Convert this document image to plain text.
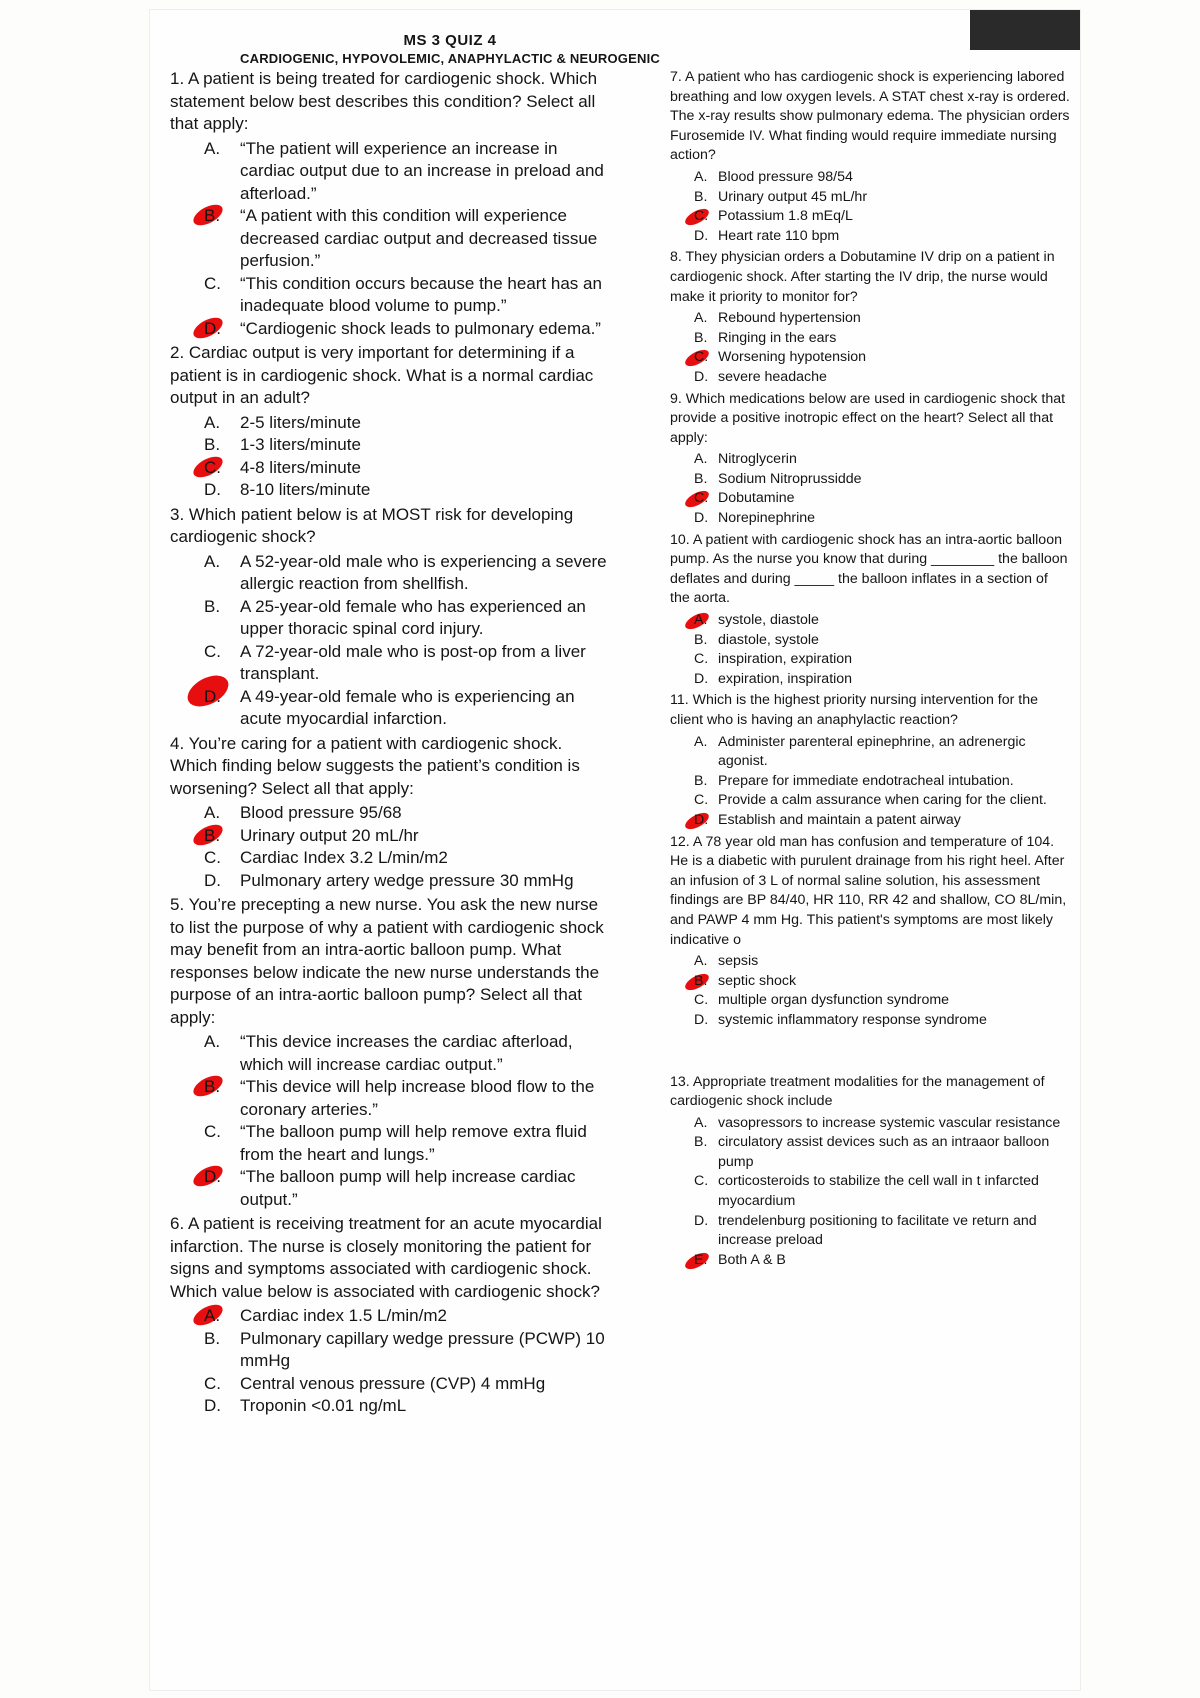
MS 3 QUIZ 4
CARDIOGENIC, HYPOVOLEMIC, ANAPHYLACTIC & NEUROGENIC

1. A patient is being treated for cardiogenic shock. Which statement below best describes this condition? Select all that apply:

A. “The patient will experience an increase in cardiac output due to an increase in preload and afterload.”
B. “A patient with this condition will experience decreased cardiac output and decreased tissue perfusion.”
C. “This condition occurs because the heart has an inadequate blood volume to pump.”
D. “Cardiogenic shock leads to pulmonary edema.”

2. Cardiac output is very important for determining if a patient is in cardiogenic shock. What is a normal cardiac output in an adult?

A. 2-5 liters/minute
B. 1-3 liters/minute
C. 4-8 liters/minute
D. 8-10 liters/minute

3. Which patient below is at MOST risk for developing cardiogenic shock?

A. A 52-year-old male who is experiencing a severe allergic reaction from shellfish.
B. A 25-year-old female who has experienced an upper thoracic spinal cord injury.
C. A 72-year-old male who is post-op from a liver transplant.
D. A 49-year-old female who is experiencing an acute myocardial infarction.

4. You’re caring for a patient with cardiogenic shock. Which finding below suggests the patient’s condition is worsening? Select all that apply:

A. Blood pressure 95/68
B. Urinary output 20 mL/hr
C. Cardiac Index 3.2 L/min/m2
D. Pulmonary artery wedge pressure 30 mmHg

5. You’re precepting a new nurse. You ask the new nurse to list the purpose of why a patient with cardiogenic shock may benefit from an intra-aortic balloon pump. What responses below indicate the new nurse understands the purpose of an intra-aortic balloon pump? Select all that apply:

A. “This device increases the cardiac afterload, which will increase cardiac output.”
B. “This device will help increase blood flow to the coronary arteries.”
C. “The balloon pump will help remove extra fluid from the heart and lungs.”
D. “The balloon pump will help increase cardiac output.”

6. A patient is receiving treatment for an acute myocardial infarction. The nurse is closely monitoring the patient for signs and symptoms associated with cardiogenic shock. Which value below is associated with cardiogenic shock?

A. Cardiac index 1.5 L/min/m2
B. Pulmonary capillary wedge pressure (PCWP) 10 mmHg
C. Central venous pressure (CVP) 4 mmHg
D. Troponin <0.01 ng/mL

7. A patient who has cardiogenic shock is experiencing labored breathing and low oxygen levels. A STAT chest x-ray is ordered. The x-ray results show pulmonary edema. The physician orders Furosemide IV. What finding would require immediate nursing action?

A. Blood pressure 98/54
B. Urinary output 45 mL/hr
C. Potassium 1.8 mEq/L
D. Heart rate 110 bpm

8. They physician orders a Dobutamine IV drip on a patient in cardiogenic shock. After starting the IV drip, the nurse would make it priority to monitor for?

A. Rebound hypertension
B. Ringing in the ears
C. Worsening hypotension
D. severe headache

9. Which medications below are used in cardiogenic shock that provide a positive inotropic effect on the heart? Select all that apply:

A. Nitroglycerin
B. Sodium Nitroprussidde
C. Dobutamine
D. Norepinephrine

10. A patient with cardiogenic shock has an intra-aortic balloon pump. As the nurse you know that during ________ the balloon deflates and during _____ the balloon inflates in a section of the aorta.

A. systole, diastole
B. diastole, systole
C. inspiration, expiration
D. expiration, inspiration

11. Which is the highest priority nursing intervention for the client who is having an anaphylactic reaction?

A. Administer parenteral epinephrine, an adrenergic agonist.
B. Prepare for immediate endotracheal intubation.
C. Provide a calm assurance when caring for the client.
D. Establish and maintain a patent airway

12. A 78 year old man has confusion and temperature of 104. He is a diabetic with purulent drainage from his right heel. After an infusion of 3 L of normal saline solution, his assessment findings are BP 84/40, HR 110, RR 42 and shallow, CO 8L/min, and PAWP 4 mm Hg. This patient's symptoms are most likely indicative o

A. sepsis
B. septic shock
C. multiple organ dysfunction syndrome
D. systemic inflammatory response syndrome

13. Appropriate treatment modalities for the management of cardiogenic shock include

A. vasopressors to increase systemic vascular resistance
B. circulatory assist devices such as an intraaor balloon pump
C. corticosteroids to stabilize the cell wall in t infarcted myocardium
D. trendelenburg positioning to facilitate ve return and increase preload
E. Both A & B
